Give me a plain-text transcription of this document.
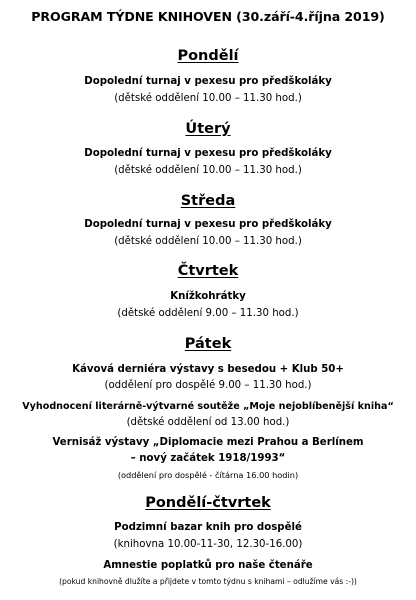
PROGRAM TÝDNE KNIHOVEN (30.září-4.října 2019)
Pondělí
Dopolední turnaj v pexesu pro předškoláky
(dětské oddělení 10.00 – 11.30 hod.)
Úterý
Dopolední turnaj v pexesu pro předškoláky
(dětské oddělení 10.00 – 11.30 hod.)
Středa
Dopolední turnaj v pexesu pro předškoláky
(dětské oddělení 10.00 – 11.30 hod.)
Čtvrtek
Knížkohrátky
(dětské oddělení 9.00 – 11.30 hod.)
Pátek
Kávová derniéra výstavy s besedou + Klub 50+
(oddělení pro dospělé 9.00 – 11.30 hod.)
Vyhodnocení literárně-výtvarné soutěže „Moje nejoblíbenější kniha“
(dětské oddělení od 13.00 hod.)
Vernisáž výstavy „Diplomacie mezi Prahou a Berlínem
– nový začátek 1918/1993“
(oddělení pro dospělé - čítárna 16.00 hodin)
Pondělí-čtvrtek
Podzimní bazar knih pro dospělé
(knihovna 10.00-11-30, 12.30-16.00)
Amnestie poplatků pro naše čtenáře
(pokud knihovně dlužíte a přijdete v tomto týdnu s knihami – odlužíme vás :-))
